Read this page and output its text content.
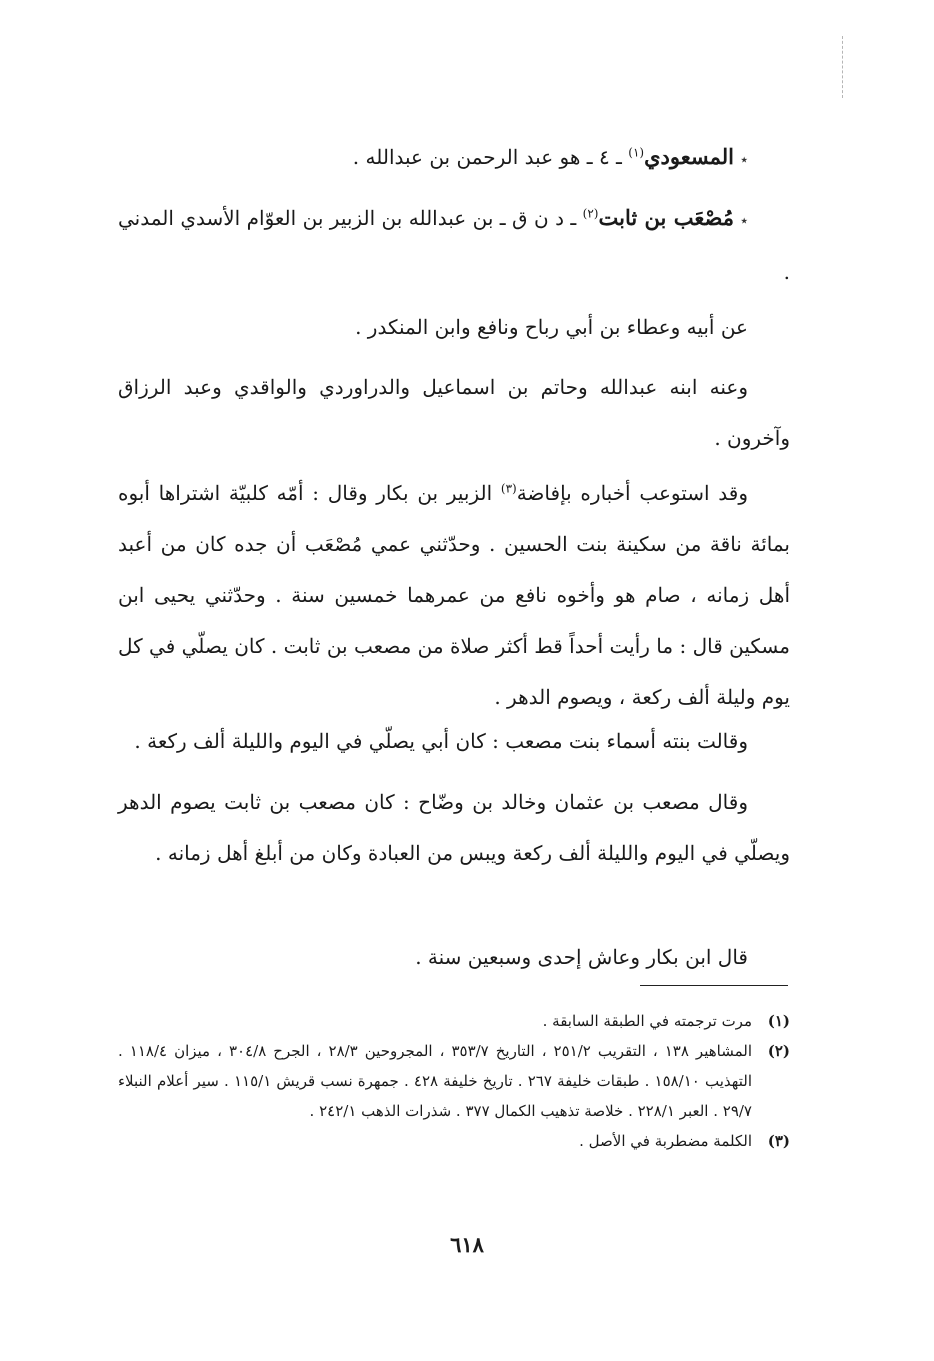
٭ المسعودي$^{(١)}$ ـ ٤ ـ هو عبد الرحمن بن عبدالله .

٭ مُصْعَب بن ثابت$^{(٢)}$ ـ د ن ق ـ بن عبدالله بن الزبير بن العوّام الأسدي المدني .

عن أبيه وعطاء بن أبي رباح ونافع وابن المنكدر .

وعنه ابنه عبدالله وحاتم بن اسماعيل والدراوردي والواقدي وعبد الرزاق وآخرون .

وقد استوعب أخباره بإفاضة$^{(٣)}$ الزبير بن بكار وقال : أمّه كلبيّة اشتراها أبوه بمائة ناقة من سكينة بنت الحسين . وحدّثني عمي مُصْعَب أن جده كان من أعبد أهل زمانه ، صام هو وأخوه نافع من عمرهما خمسين سنة . وحدّثني يحيى ابن مسكين قال : ما رأيت أحداً قط أكثر صلاة من مصعب بن ثابت . كان يصلّي في كل يوم وليلة ألف ركعة ، ويصوم الدهر .

وقالت بنته أسماء بنت مصعب : كان أبي يصلّي في اليوم والليلة ألف ركعة .

وقال مصعب بن عثمان وخالد بن وضّاح : كان مصعب بن ثابت يصوم الدهر ويصلّي في اليوم والليلة ألف ركعة ويبس من العبادة وكان من أبلغ أهل زمانه .

قال ابن بكار وعاش إحدى وسبعين سنة .

(١)
مرت ترجمته في الطبقة السابقة .

(٢)
المشاهير ١٣٨ ، التقريب ٢٥١/٢ ، التاريخ ٣٥٣/٧ ، المجروحين ٢٨/٣ ، الجرح ٣٠٤/٨ ، ميزان ١١٨/٤ . التهذيب ١٥٨/١٠ . طبقات خليفة ٢٦٧ . تاريخ خليفة ٤٢٨ . جمهرة نسب قريش ١١٥/١ . سير أعلام النبلاء ٢٩/٧ . العبر ٢٢٨/١ . خلاصة تذهيب الكمال ٣٧٧ . شذرات الذهب ٢٤٢/١ .

(٣)
الكلمة مضطربة في الأصل .

٦١٨
